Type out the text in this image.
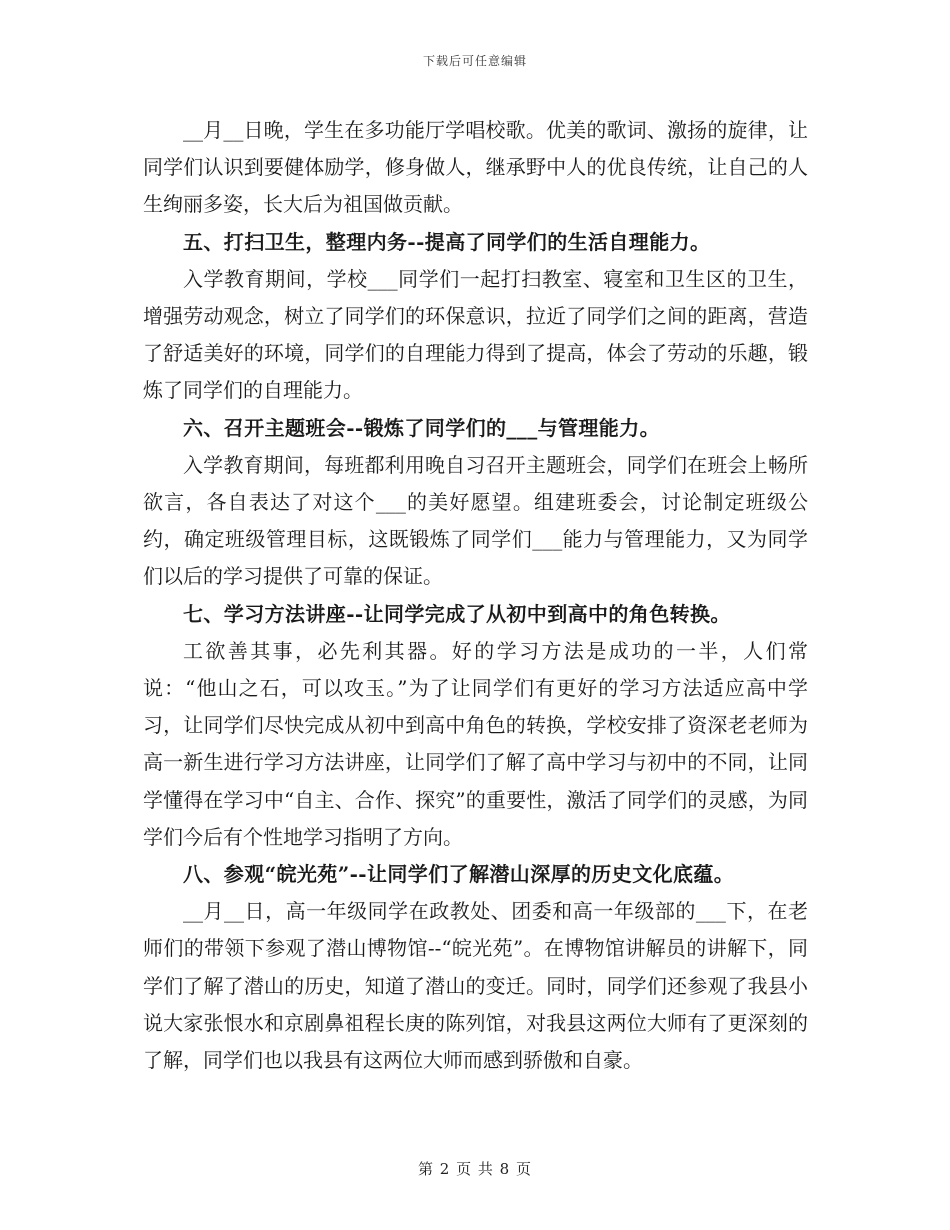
下载后可任意编辑

__月__日晚，学生在多功能厅学唱校歌。优美的歌词、激扬的旋律，让同学们认识到要健体励学，修身做人，继承野中人的优良传统，让自己的人生绚丽多姿，长大后为祖国做贡献。

五、打扫卫生，整理内务--提高了同学们的生活自理能力。

入学教育期间，学校___同学们一起打扫教室、寝室和卫生区的卫生，增强劳动观念，树立了同学们的环保意识，拉近了同学们之间的距离，营造了舒适美好的环境，同学们的自理能力得到了提高，体会了劳动的乐趣，锻炼了同学们的自理能力。

六、召开主题班会--锻炼了同学们的___与管理能力。

入学教育期间，每班都利用晚自习召开主题班会，同学们在班会上畅所欲言，各自表达了对这个___的美好愿望。组建班委会，讨论制定班级公约，确定班级管理目标，这既锻炼了同学们___能力与管理能力，又为同学们以后的学习提供了可靠的保证。

七、学习方法讲座--让同学完成了从初中到高中的角色转换。

工欲善其事，必先利其器。好的学习方法是成功的一半，人们常说：“他山之石，可以攻玉。”为了让同学们有更好的学习方法适应高中学习，让同学们尽快完成从初中到高中角色的转换，学校安排了资深老老师为高一新生进行学习方法讲座，让同学们了解了高中学习与初中的不同，让同学懂得在学习中“自主、合作、探究”的重要性，激活了同学们的灵感，为同学们今后有个性地学习指明了方向。

八、参观“皖光苑”--让同学们了解潜山深厚的历史文化底蕴。

__月__日，高一年级同学在政教处、团委和高一年级部的___下，在老师们的带领下参观了潜山博物馆--“皖光苑”。在博物馆讲解员的讲解下，同学们了解了潜山的历史，知道了潜山的变迁。同时，同学们还参观了我县小说大家张恨水和京剧鼻祖程长庚的陈列馆，对我县这两位大师有了更深刻的了解，同学们也以我县有这两位大师而感到骄傲和自豪。

第 2 页 共 8 页
